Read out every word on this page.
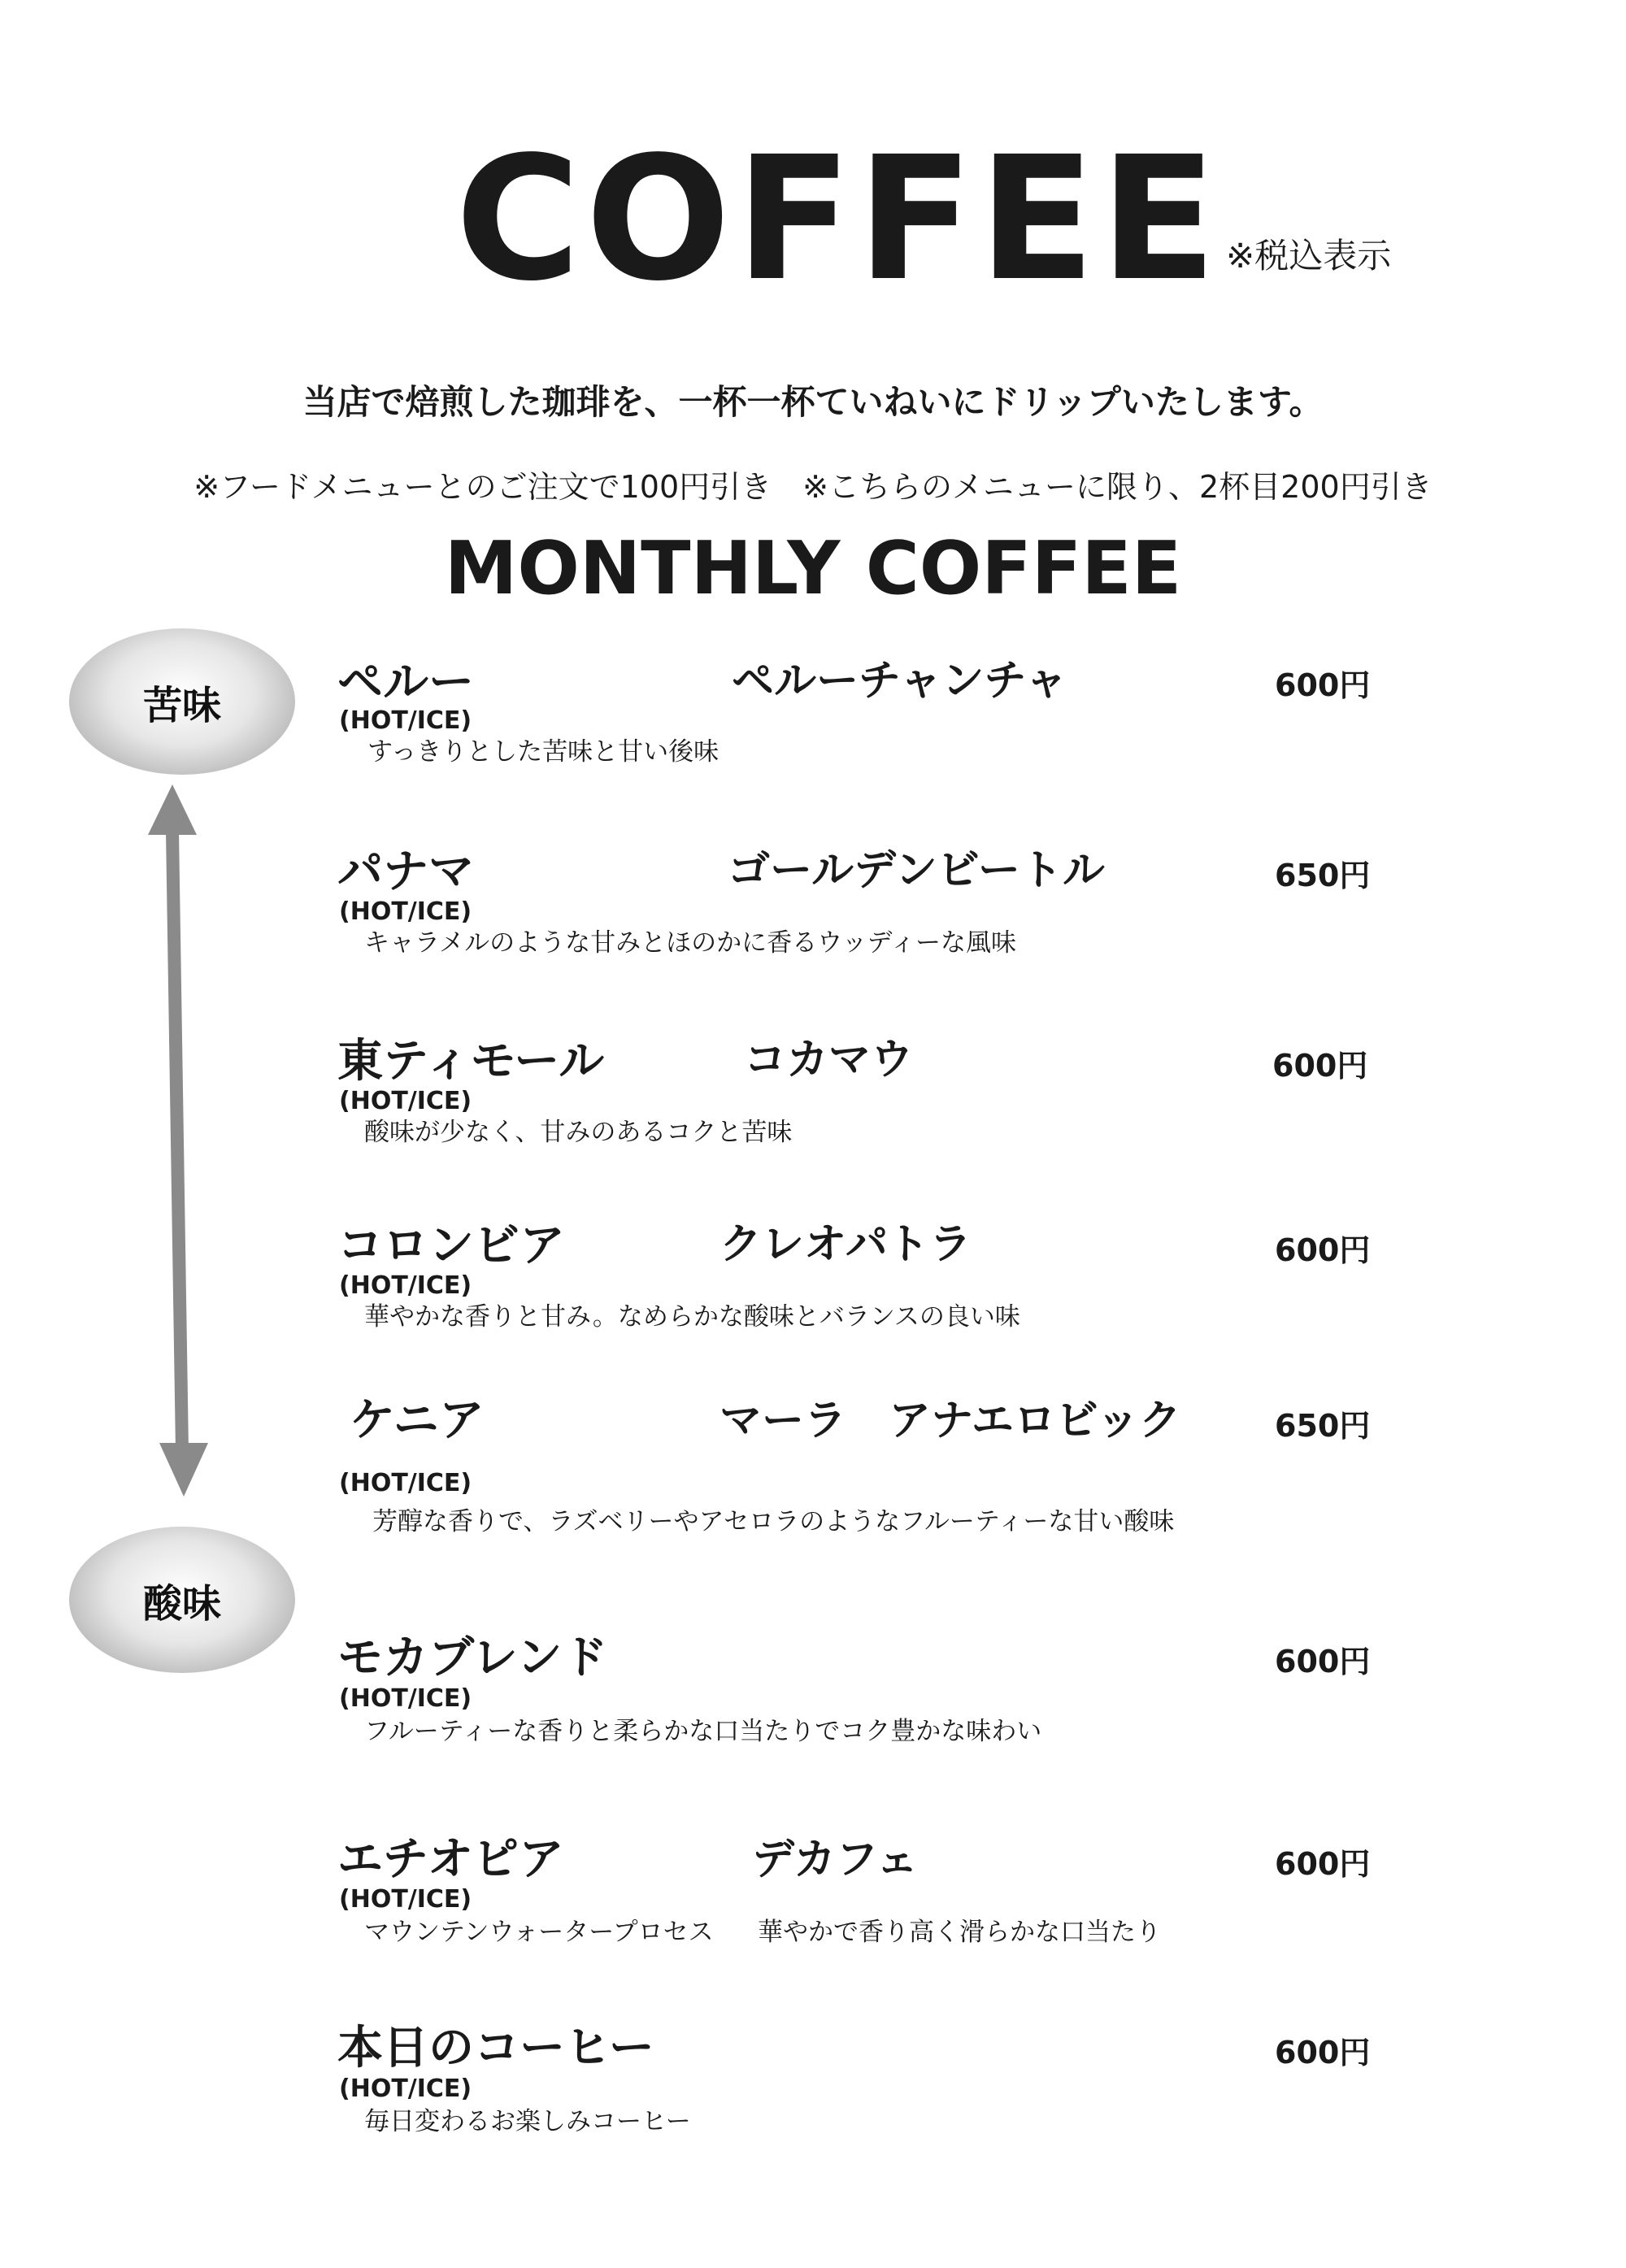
COFFEE ※税込表示
当店で焙煎した珈琲を、一杯一杯ていねいにドリップいたします。
※フードメニューとのご注文で100円引き　※こちらのメニューに限り、2杯目200円引き
MONTHLY COFFEE
苦味
酸味
ペルー	ペルーチャンチャ	600円
(HOT/ICE)
すっきりとした苦味と甘い後味
パナマ	ゴールデンビートル	650円
(HOT/ICE)
キャラメルのような甘みとほのかに香るウッディーな風味
東ティモール	コカマウ	600円
(HOT/ICE)
酸味が少なく、甘みのあるコクと苦味
コロンビア	クレオパトラ	600円
(HOT/ICE)
華やかな香りと甘み。なめらかな酸味とバランスの良い味
ケニア	マーラ　アナエロビック	650円
(HOT/ICE)
芳醇な香りで、ラズベリーやアセロラのようなフルーティーな甘い酸味
モカブレンド	600円
(HOT/ICE)
フルーティーな香りと柔らかな口当たりでコク豊かな味わい
エチオピア	デカフェ	600円
(HOT/ICE)
マウンテンウォータープロセス 華やかで香り高く滑らかな口当たり
本日のコーヒー	600円
(HOT/ICE)
毎日変わるお楽しみコーヒー
